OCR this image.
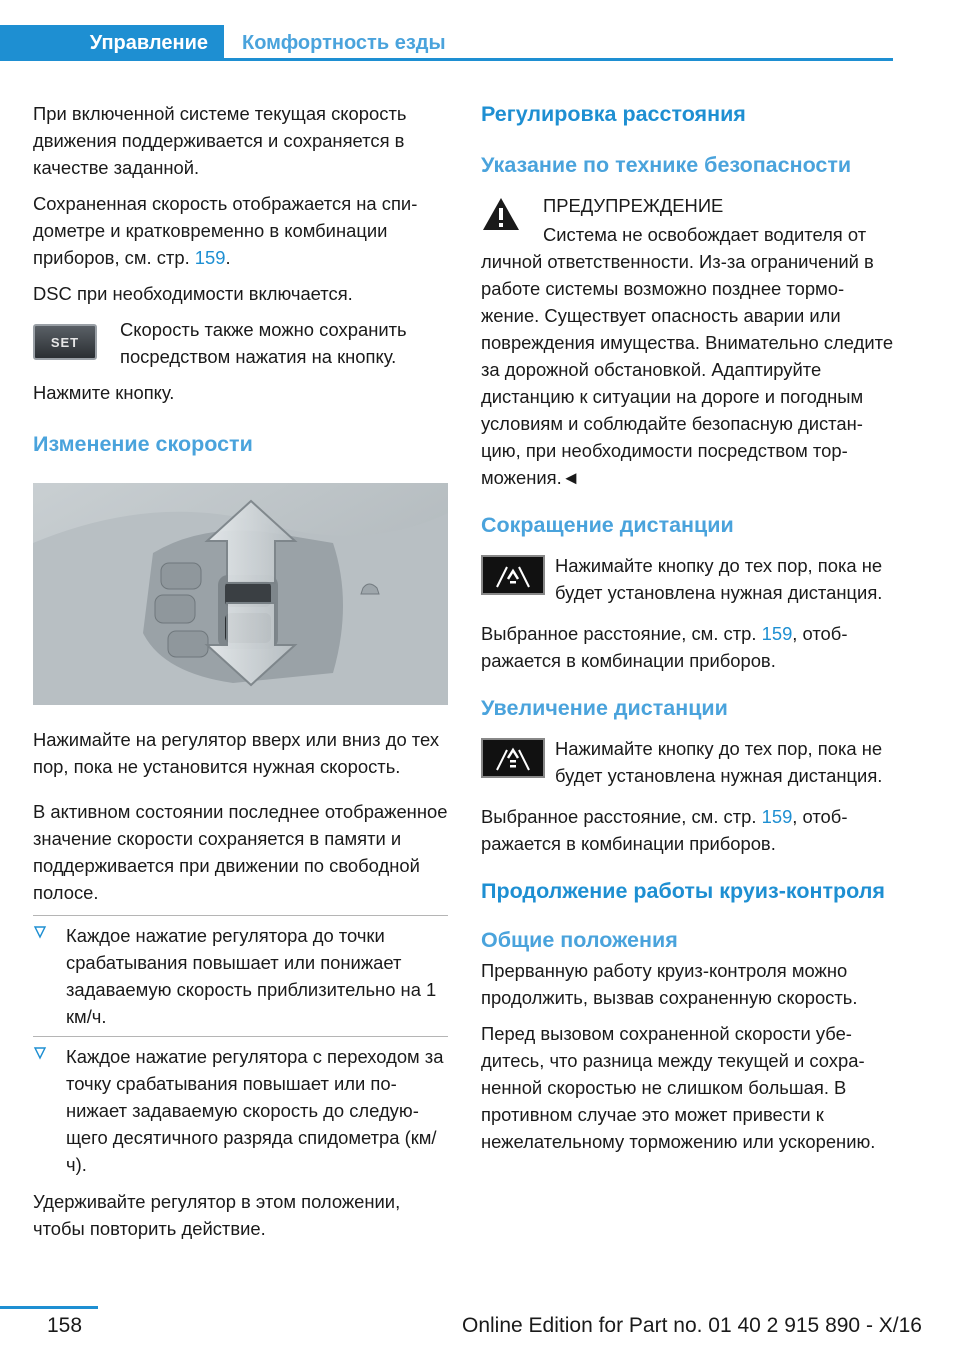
Управление	Комфортность езды

При включенной системе текущая скорость движения поддерживается и сохраняется в качестве заданной.

Сохраненная скорость отображается на спидометре и кратковременно в комбинации приборов, см. стр. 159.

DSC при необходимости включается.

SET

Скорость также можно сохранить посредством нажатия на кнопку.

Нажмите кнопку.

Изменение скорости

Нажимайте на регулятор вверх или вниз до тех пор, пока не установится нужная скорость.

В активном состоянии последнее отображенное значение скорости сохраняется в памяти и поддерживается при движении по свободной полосе.

Каждое нажатие регулятора до точки срабатывания повышает или понижает задаваемую скорость приблизительно на 1 км/ч.
Каждое нажатие регулятора с переходом за точку срабатывания повышает или понижает задаваемую скорость до следующего десятичного разряда спидометра (км/ч).

Удерживайте регулятор в этом положении, чтобы повторить действие.

Регулировка расстояния
Указание по технике безопасности

ПРЕДУПРЕЖДЕНИЕ

Система не освобождает водителя от личной ответственности. Из-за ограничений в работе системы возможно позднее торможение. Существует опасность аварии или повреждения имущества. Внимательно следите за дорожной обстановкой. Адаптируйте дистанцию к ситуации на дороге и погодным условиям и соблюдайте безопасную дистанцию, при необходимости посредством торможения.◄

Сокращение дистанции

Нажимайте кнопку до тех пор, пока не будет установлена нужная дистанция.

Выбранное расстояние, см. стр. 159, отображается в комбинации приборов.

Увеличение дистанции

Нажимайте кнопку до тех пор, пока не будет установлена нужная дистанция.

Выбранное расстояние, см. стр. 159, отображается в комбинации приборов.

Продолжение работы круиз-контроля
Общие положения

Прерванную работу круиз-контроля можно продолжить, вызвав сохраненную скорость.

Перед вызовом сохраненной скорости убедитесь, что разница между текущей и сохраненной скоростью не слишком большая. В противном случае это может привести к нежелательному торможению или ускорению.

158	Online Edition for Part no. 01 40 2 915 890 - X/16
